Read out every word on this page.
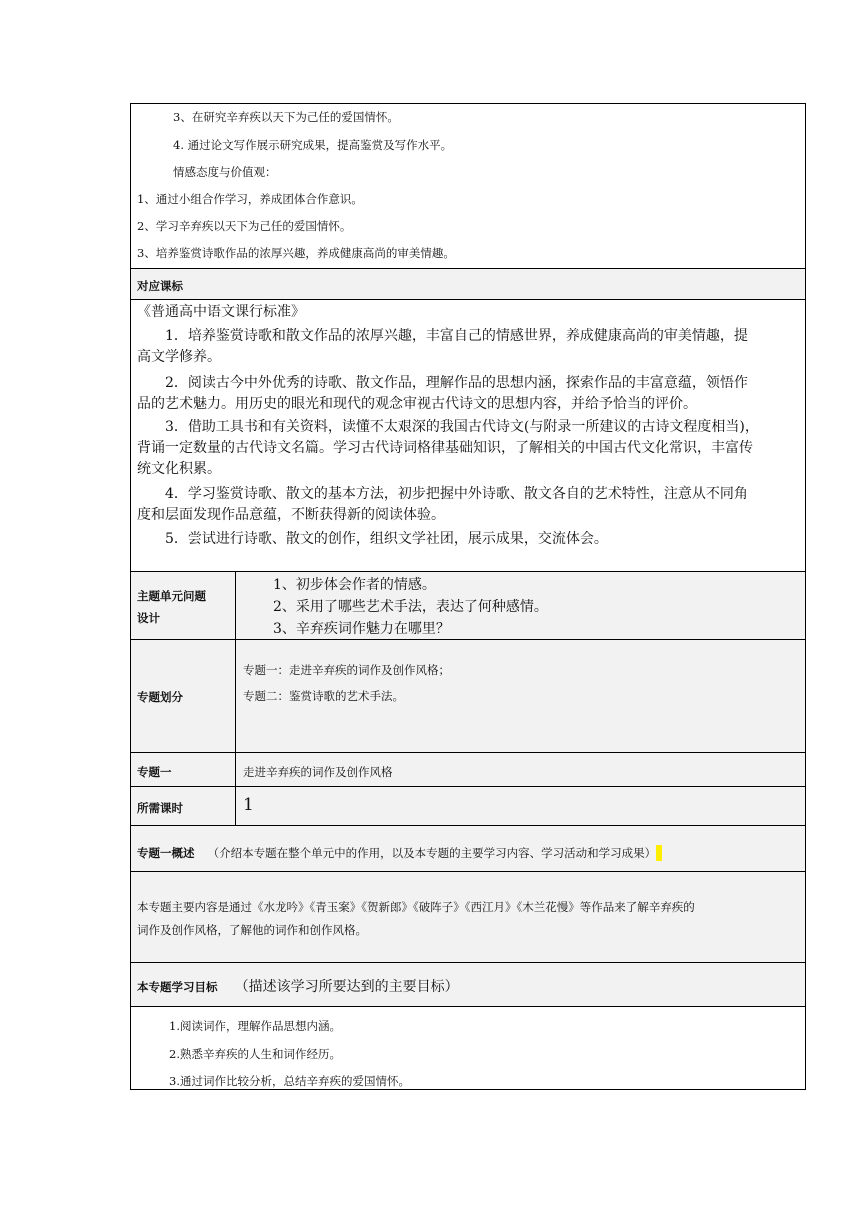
3、在研究辛弃疾以天下为己任的爱国情怀。
4. 通过论文写作展示研究成果，提高鉴赏及写作水平。
情感态度与价值观：
1、通过小组合作学习，养成团体合作意识。
2、学习辛弃疾以天下为己任的爱国情怀。
3、培养鉴赏诗歌作品的浓厚兴趣，养成健康高尚的审美情趣。
对应课标
《普通高中语文课行标准》
1．培养鉴赏诗歌和散文作品的浓厚兴趣，丰富自己的情感世界，养成健康高尚的审美情趣，提
高文学修养。
2．阅读古今中外优秀的诗歌、散文作品，理解作品的思想内涵，探索作品的丰富意蕴，领悟作
品的艺术魅力。用历史的眼光和现代的观念审视古代诗文的思想内容，并给予恰当的评价。
3．借助工具书和有关资料，读懂不太艰深的我国古代诗文(与附录一所建议的古诗文程度相当)，
背诵一定数量的古代诗文名篇。学习古代诗词格律基础知识，了解相关的中国古代文化常识，丰富传
统文化积累。
4．学习鉴赏诗歌、散文的基本方法，初步把握中外诗歌、散文各自的艺术特性，注意从不同角
度和层面发现作品意蕴，不断获得新的阅读体验。
5．尝试进行诗歌、散文的创作，组织文学社团，展示成果，交流体会。
主题单元问题
设计
1、初步体会作者的情感。
2、采用了哪些艺术手法，表达了何种感情。
3、辛弃疾词作魅力在哪里？
专题划分
专题一：走进辛弃疾的词作及创作风格；
专题二：鉴赏诗歌的艺术手法。
专题一	走进辛弃疾的词作及创作风格
所需课时	1
专题一概述 （介绍本专题在整个单元中的作用，以及本专题的主要学习内容、学习活动和学习成果）
本专题主要内容是通过《水龙吟》《青玉案》《贺新郎》《破阵子》《西江月》《木兰花慢》等作品来了解辛弃疾的
词作及创作风格，了解他的词作和创作风格。
本专题学习目标 （描述该学习所要达到的主要目标）
1.阅读词作，理解作品思想内涵。
2.熟悉辛弃疾的人生和词作经历。
3.通过词作比较分析，总结辛弃疾的爱国情怀。
